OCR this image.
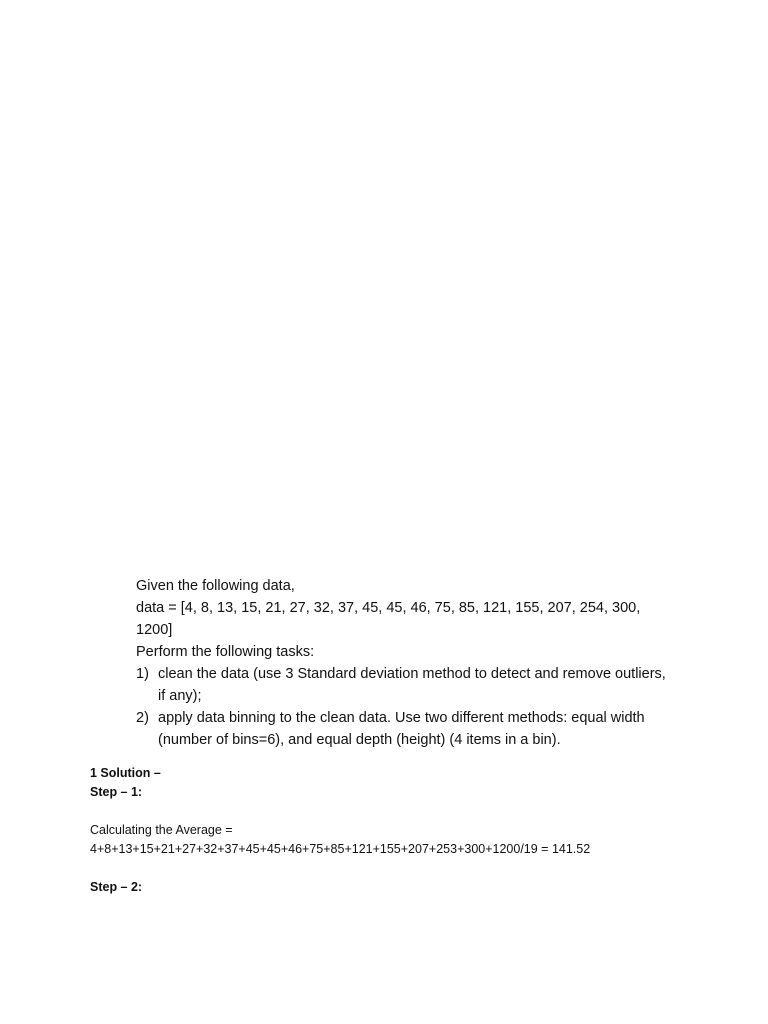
Given the following data,

data = [4, 8, 13, 15, 21, 27, 32, 37, 45, 45, 46, 75, 85, 121, 155, 207, 254, 300, 1200]

Perform the following tasks:

1) clean the data (use 3 Standard deviation method to detect and remove outliers, if any);
2) apply data binning to the clean data. Use two different methods: equal width (number of bins=6), and equal depth (height) (4 items in a bin).

1 Solution –

Step – 1:

Calculating the Average =

4+8+13+15+21+27+32+37+45+45+46+75+85+121+155+207+253+300+1200/19 = 141.52

Step – 2:
